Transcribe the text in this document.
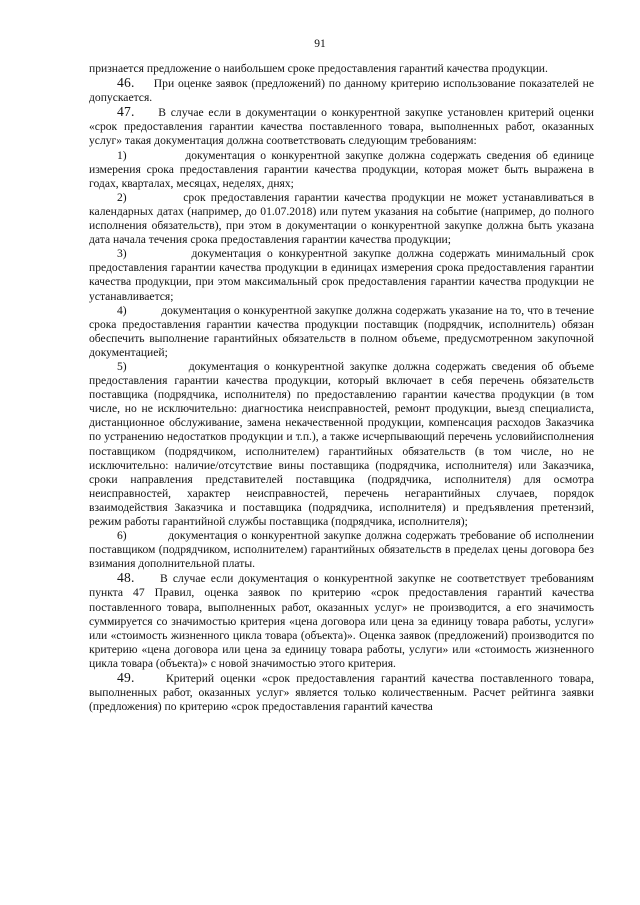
91

признается предложение о наибольшем сроке предоставления гарантий качества продукции.

46. При оценке заявок (предложений) по данному критерию использование показателей не допускается.

47. В случае если в документации о конкурентной закупке установлен критерий оценки «срок предоставления гарантии качества поставленного товара, выполненных работ, оказанных услуг» такая документация должна соответствовать следующим требованиям:

1)	документация о конкурентной закупке должна содержать сведения об единице измерения срока предоставления гарантии качества продукции, которая может быть выражена в годах, кварталах, месяцах, неделях, днях;

2)	срок предоставления гарантии качества продукции не может устанавливаться в календарных датах (например, до 01.07.2018) или путем указания на событие (например, до полного исполнения обязательств), при этом в документации о конкурентной закупке должна быть указана дата начала течения срока предоставления гарантии качества продукции;

3)	документация о конкурентной закупке должна содержать минимальный срок предоставления гарантии качества продукции в единицах измерения срока предоставления гарантии качества продукции, при этом максимальный срок предоставления гарантии качества продукции не устанавливается;

4)	документация о конкурентной закупке должна содержать указание на то, что в течение срока предоставления гарантии качества продукции поставщик (подрядчик, исполнитель) обязан обеспечить выполнение гарантийных обязательств в полном объеме, предусмотренном закупочной документацией;

5)	документация о конкурентной закупке должна содержать сведения об объеме предоставления гарантии качества продукции, который включает в себя перечень обязательств поставщика (подрядчика, исполнителя) по предоставлению гарантии качества продукции (в том числе, но не исключительно: диагностика неисправностей, ремонт продукции, выезд специалиста, дистанционное обслуживание, замена некачественной продукции, компенсация расходов Заказчика по устранению недостатков продукции и т.п.), а также исчерпывающий перечень условийисполнения поставщиком (подрядчиком, исполнителем) гарантийных обязательств (в том числе, но не исключительно: наличие/отсутствие вины поставщика (подрядчика, исполнителя) или Заказчика, сроки направления представителей поставщика (подрядчика, исполнителя) для осмотра неисправностей, характер неисправностей, перечень негарантийных случаев, порядок взаимодействия Заказчика и поставщика (подрядчика, исполнителя) и предъявления претензий, режим работы гарантийной службы поставщика (подрядчика, исполнителя);

6)	документация о конкурентной закупке должна содержать требование об исполнении поставщиком (подрядчиком, исполнителем) гарантийных обязательств в пределах цены договора без взимания дополнительной платы.

48. В случае если документация о конкурентной закупке не соответствует требованиям пункта 47 Правил, оценка заявок по критерию «срок предоставления гарантий качества поставленного товара, выполненных работ, оказанных услуг» не производится, а его значимость суммируется со значимостью критерия «цена договора или цена за единицу товара работы, услуги» или «стоимость жизненного цикла товара (объекта)». Оценка заявок (предложений) производится по критерию «цена договора или цена за единицу товара работы, услуги» или «стоимость жизненного цикла товара (объекта)» с новой значимостью этого критерия.

49.	Критерий оценки «срок предоставления гарантий качества поставленного товара, выполненных работ, оказанных услуг» является только количественным. Расчет рейтинга заявки (предложения) по критерию «срок предоставления гарантий качества
